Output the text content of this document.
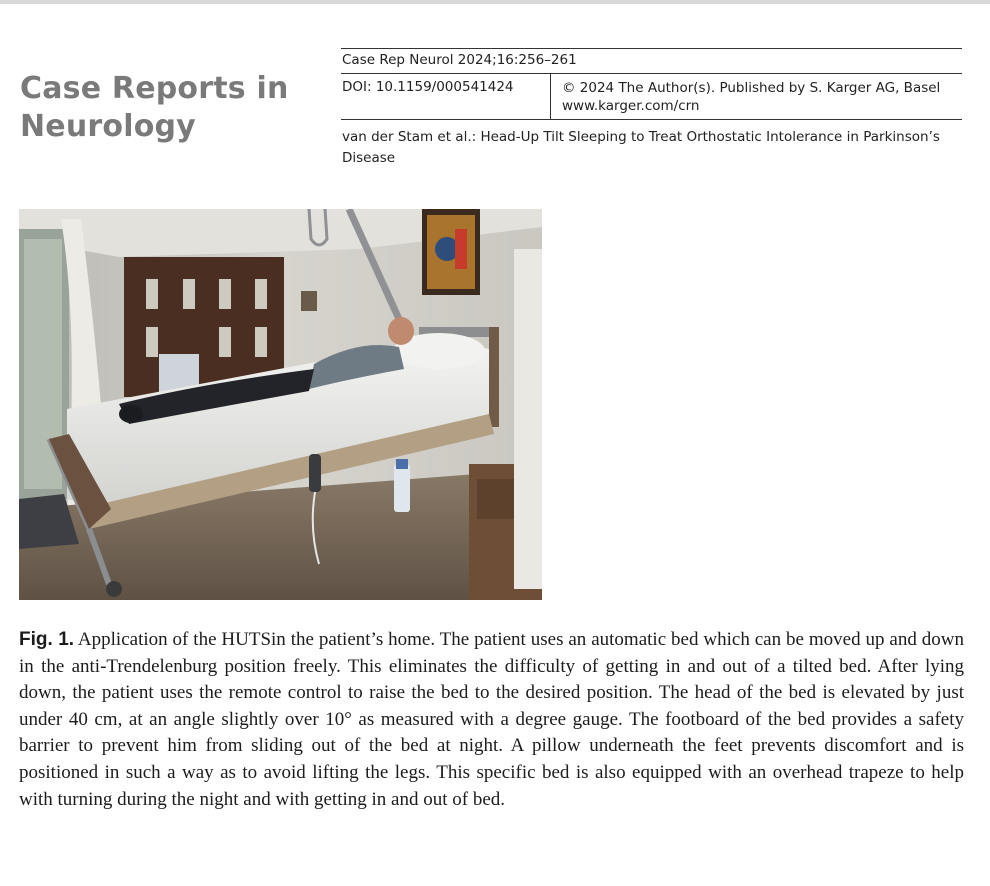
Case Reports in
Neurology
Case Rep Neurol 2024;16:256–261
DOI: 10.1159/000541424	© 2024 The Author(s). Published by S. Karger AG, Basel
www.karger.com/crn
van der Stam et al.: Head-Up Tilt Sleeping to Treat Orthostatic Intolerance in Parkinson’s Disease
Fig. 1. Application of the HUTSin the patient’s home. The patient uses an automatic bed which can be moved up and down in the anti-Trendelenburg position freely. This eliminates the difficulty of getting in and out of a tilted bed. After lying down, the patient uses the remote control to raise the bed to the desired position. The head of the bed is elevated by just under 40 cm, at an angle slightly over 10° as measured with a degree gauge. The footboard of the bed provides a safety barrier to prevent him from sliding out of the bed at night. A pillow underneath the feet prevents discomfort and is positioned in such a way as to avoid lifting the legs. This specific bed is also equipped with an overhead trapeze to help with turning during the night and with getting in and out of bed.
